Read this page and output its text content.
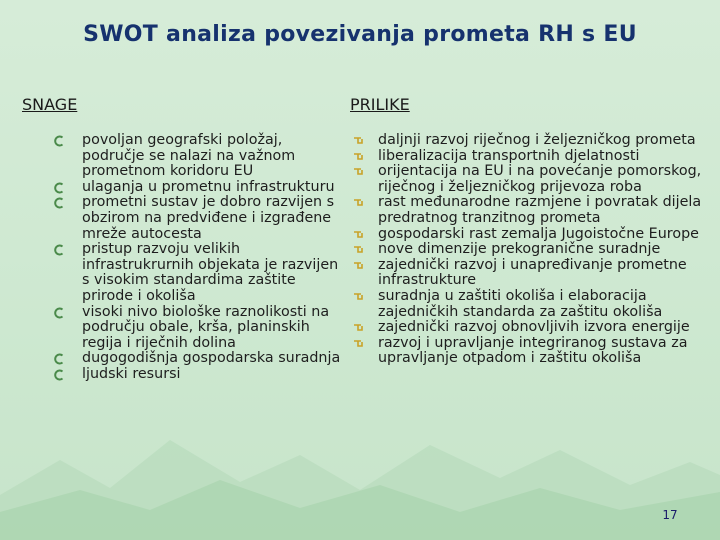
SWOT analiza povezivanja prometa RH s EU
SNAGE	PRILIKE
povoljan geografski položaj, područje se nalazi na važnom prometnom koridoru EU
ulaganja u prometnu infrastrukturu
prometni sustav je dobro razvijen s obzirom na predviđene i izgrađene mreže autocesta
pristup razvoju velikih infrastrukrurnih objekata je razvijen s visokim standardima zaštite prirode i okoliša
visoki nivo biološke raznolikosti na području obale, krša, planinskih regija i riječnih dolina
dugogodišnja gospodarska suradnja
ljudski resursi
daljnji razvoj riječnog i željezničkog prometa
liberalizacija transportnih djelatnosti
orijentacija na EU i na povećanje pomorskog, riječnog i željezničkog prijevoza roba
rast međunarodne razmjene i povratak dijela predratnog tranzitnog prometa
gospodarski rast zemalja Jugoistočne Europe
nove dimenzije prekograničnе suradnje
zajednički razvoj i unapređivanje prometne infrastrukture
suradnja u zaštiti okoliša i elaboracija zajedničkih standarda za zaštitu okoliša
zajednički razvoj obnovljivih izvora energije
razvoj i upravljanje integriranog sustava za upravljanje otpadom i zaštitu okoliša
17
